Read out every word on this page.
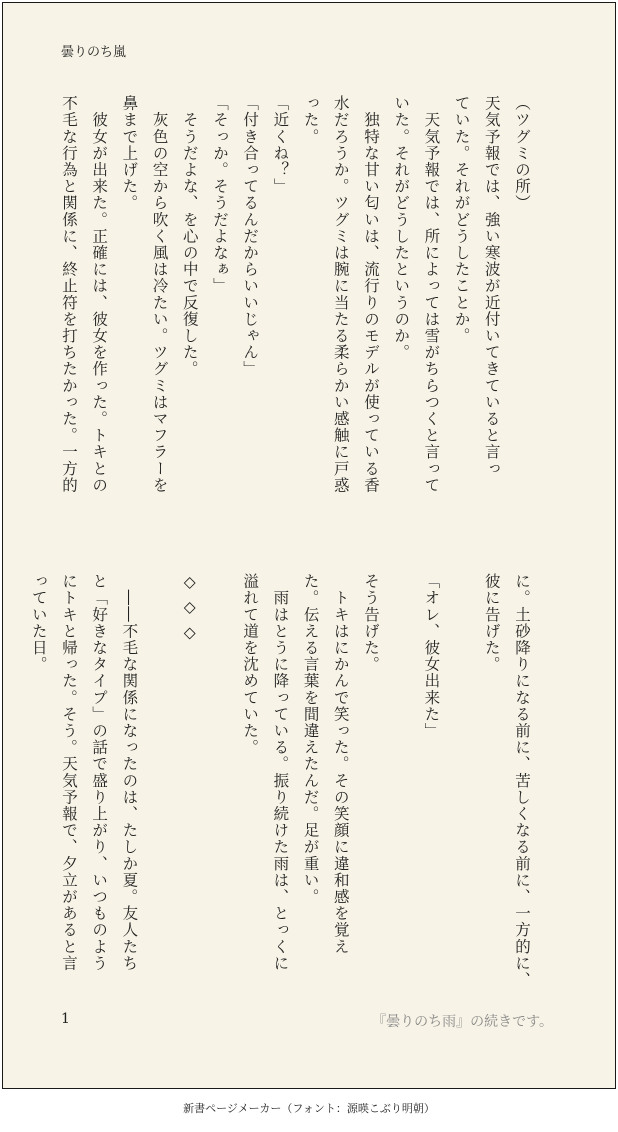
曇りのち嵐
（ツグミの所）
天気予報では、強い寒波が近付いてきていると言っ
ていた。それがどうしたことか。
　天気予報では、所によっては雪がちらつくと言って
いた。それがどうしたというのか。
　独特な甘い匂いは、流行りのモデルが使っている香
水だろうか。ツグミは腕に当たる柔らかい感触に戸惑
った。
「近くね？」
「付き合ってるんだからいいじゃん」
「そっか。そうだよなぁ」
　そうだよな、を心の中で反復した。
　灰色の空から吹く風は冷たい。ツグミはマフラーを
鼻まで上げた。
　彼女が出来た。正確には、彼女を作った。トキとの
不毛な行為と関係に、終止符を打ちたかった。一方的
に。土砂降りになる前に、苦しくなる前に、一方的に、
彼に告げた。

「オレ、彼女出来た」

そう告げた。
　トキはにかんで笑った。その笑顔に違和感を覚え
た。伝える言葉を間違えたんだ。足が重い。
　雨はとうに降っている。振り続けた雨は、とっくに
溢れて道を沈めていた。

◇ ◇ ◇

　――不毛な関係になったのは、たしか夏。友人たち
と「好きなタイプ」の話で盛り上がり、いつものよう
にトキと帰った。そう。天気予報で、夕立があると言
っていた日。
1	『曇りのち雨』の続きです。
新書ページメーカー（フォント：源暎こぶり明朝）
